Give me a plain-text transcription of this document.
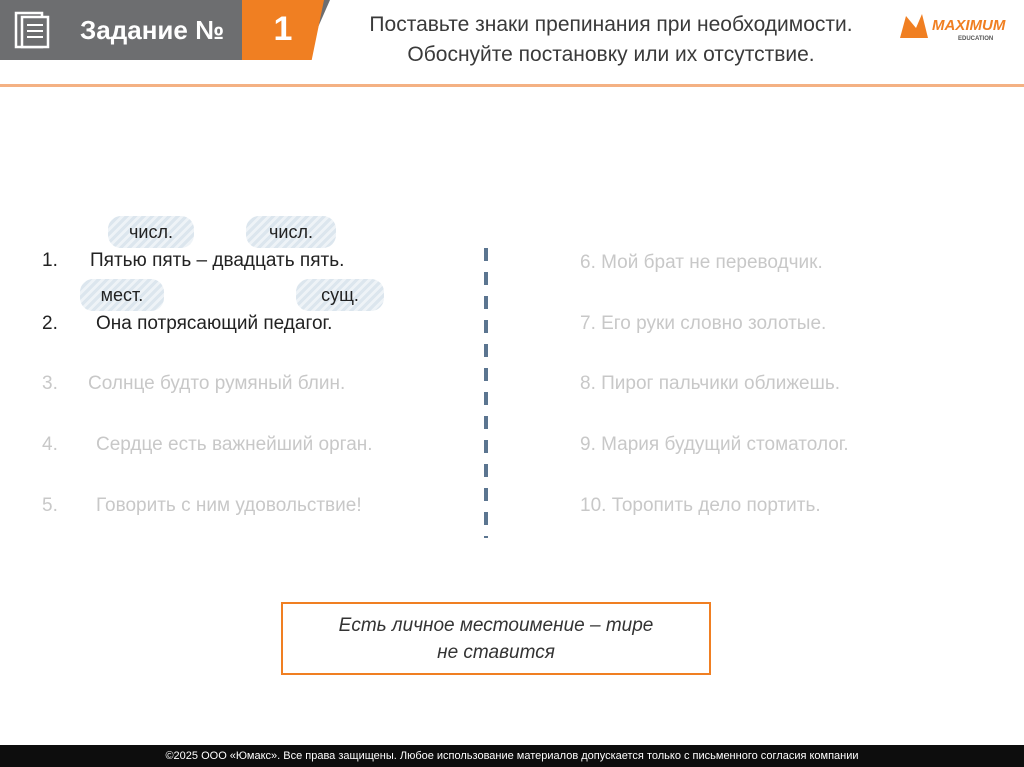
Задание №	1	Поставьте знаки препинания при необходимости.
Обоснуйте постановку или их отсутствие.
MAXIMUM
EDUCATION
числ.	числ.
мест.	сущ.
1. Пятью пять – двадцать пять.
2. Она потрясающий педагог.
3. Солнце будто румяный блин.
4. Сердце есть важнейший орган.
5. Говорить с ним удовольствие!
6. Мой брат не переводчик.
7. Его руки словно золотые.
8. Пирог пальчики оближешь.
9. Мария будущий стоматолог.
10. Торопить дело портить.
Есть личное местоимение – тире
не ставится
©2025 ООО «Юмакс». Все права защищены. Любое использование материалов допускается только с письменного согласия компании
